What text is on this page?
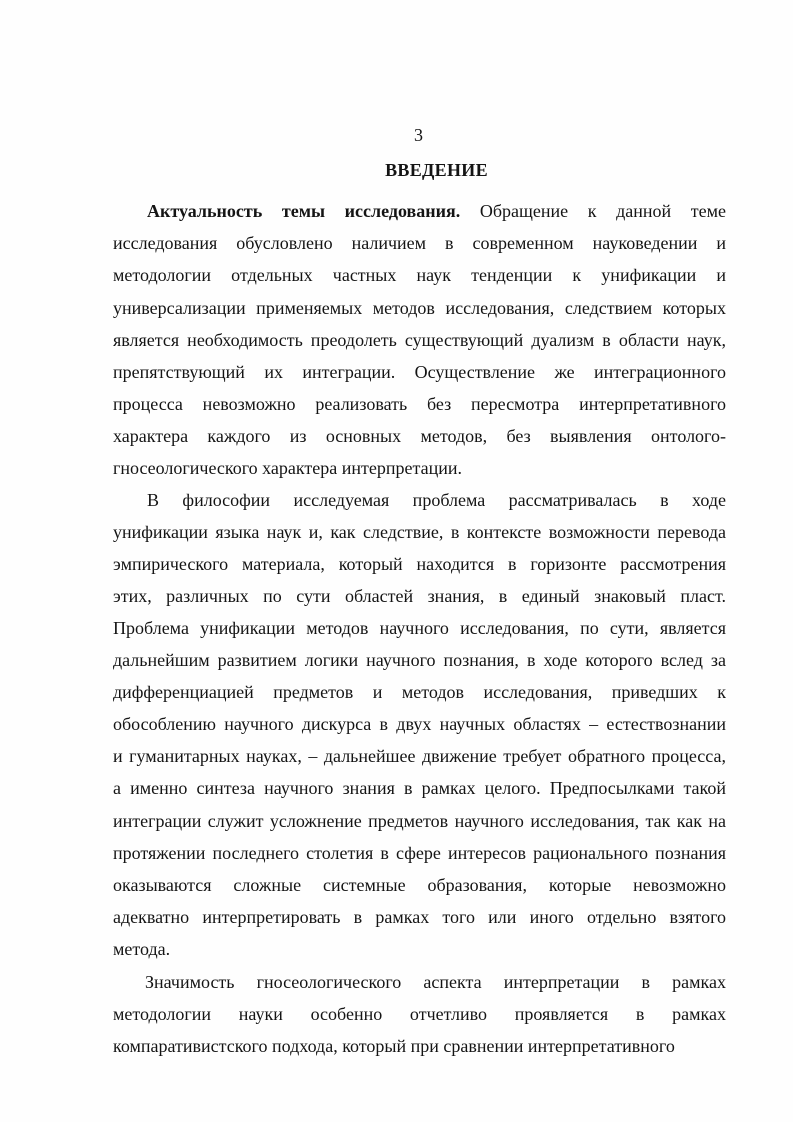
3
ВВЕДЕНИЕ
Актуальность темы исследования. Обращение к данной теме
исследования обусловлено наличием в современном науковедении и
методологии отдельных частных наук тенденции к унификации и
универсализации применяемых методов исследования, следствием которых
является необходимость преодолеть существующий дуализм в области наук,
препятствующий их интеграции. Осуществление же интеграционного
процесса невозможно реализовать без пересмотра интерпретативного
характера каждого из основных методов, без выявления онтолого-
гносеологического характера интерпретации.
В философии исследуемая проблема рассматривалась в ходе
унификации языка наук и, как следствие, в контексте возможности перевода
эмпирического материала, который находится в горизонте рассмотрения
этих, различных по сути областей знания, в единый знаковый пласт.
Проблема унификации методов научного исследования, по сути, является
дальнейшим развитием логики научного познания, в ходе которого вслед за
дифференциацией предметов и методов исследования, приведших к
обособлению научного дискурса в двух научных областях – естествознании
и гуманитарных науках, – дальнейшее движение требует обратного процесса,
а именно синтеза научного знания в рамках целого. Предпосылками такой
интеграции служит усложнение предметов научного исследования, так как на
протяжении последнего столетия в сфере интересов рационального познания
оказываются сложные системные образования, которые невозможно
адекватно интерпретировать в рамках того или иного отдельно взятого
метода.
Значимость гносеологического аспекта интерпретации в рамках
методологии науки особенно отчетливо проявляется в рамках
компаративистского подхода, который при сравнении интерпретативного
